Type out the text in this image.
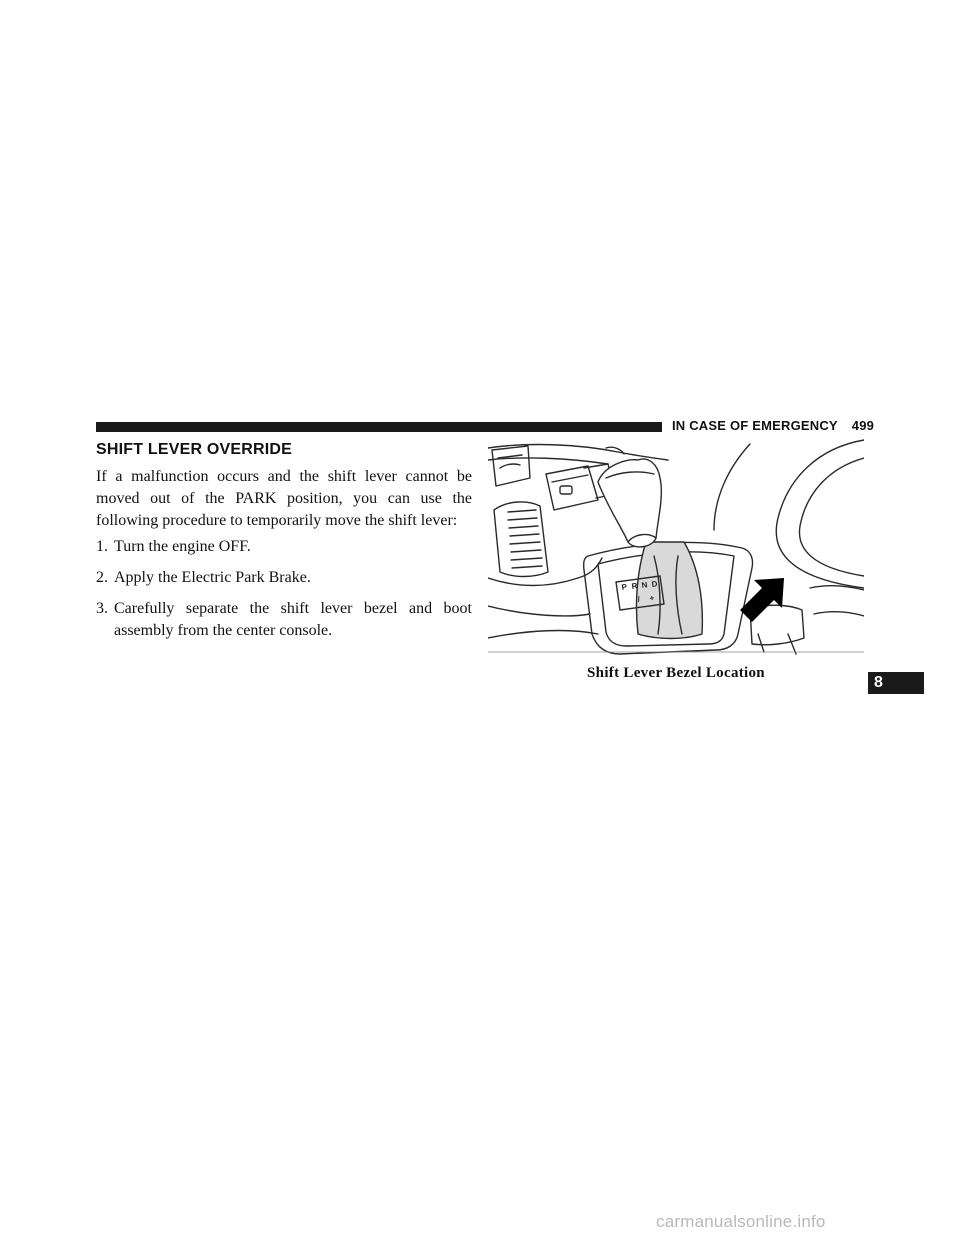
IN CASE OF EMERGENCY 499
SHIFT LEVER OVERRIDE

If a malfunction occurs and the shift lever cannot be moved out of the PARK position, you can use the following procedure to temporarily move the shift lever:

1. Turn the engine OFF.
2. Apply the Electric Park Brake.
3. Carefully separate the shift lever bezel and boot assembly from the center console.
P R N D
/ +
Shift Lever Bezel Location
8
carmanualsonline.info
